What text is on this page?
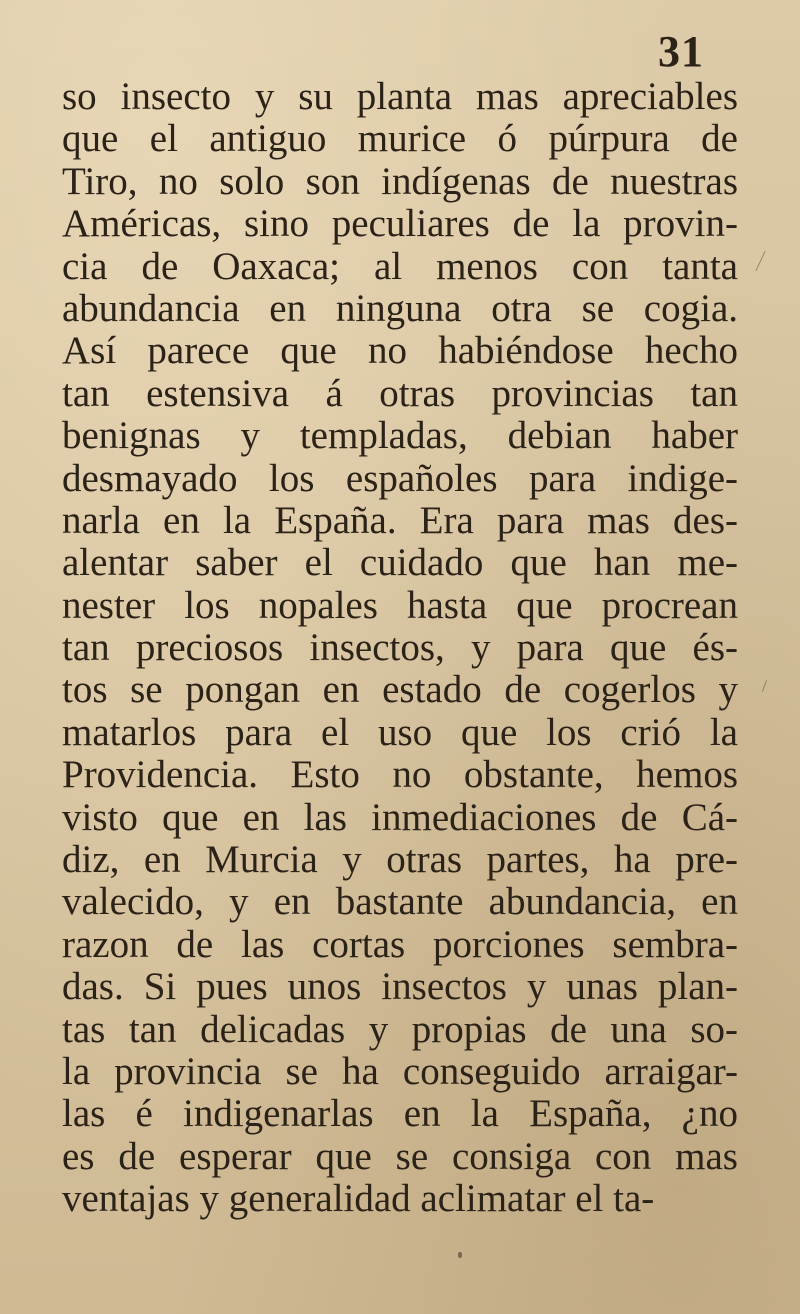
31
so insecto y su planta mas apreciables
que el antiguo murice ó púrpura de
Tiro, no solo son indígenas de nuestras
Américas, sino peculiares de la provin-
cia de Oaxaca; al menos con tanta
abundancia en ninguna otra se cogia.
Así parece que no habiéndose hecho
tan estensiva á otras provincias tan
benignas y templadas, debian haber
desmayado los españoles para indige-
narla en la España. Era para mas des-
alentar saber el cuidado que han me-
nester los nopales hasta que procrean
tan preciosos insectos, y para que és-
tos se pongan en estado de cogerlos y
matarlos para el uso que los crió la
Providencia. Esto no obstante, hemos
visto que en las inmediaciones de Cá-
diz, en Murcia y otras partes, ha pre-
valecido, y en bastante abundancia, en
razon de las cortas porciones sembra-
das. Si pues unos insectos y unas plan-
tas tan delicadas y propias de una so-
la provincia se ha conseguido arraigar-
las é indigenarlas en la España, ¿no
es de esperar que se consiga con mas
ventajas y generalidad aclimatar el ta-
